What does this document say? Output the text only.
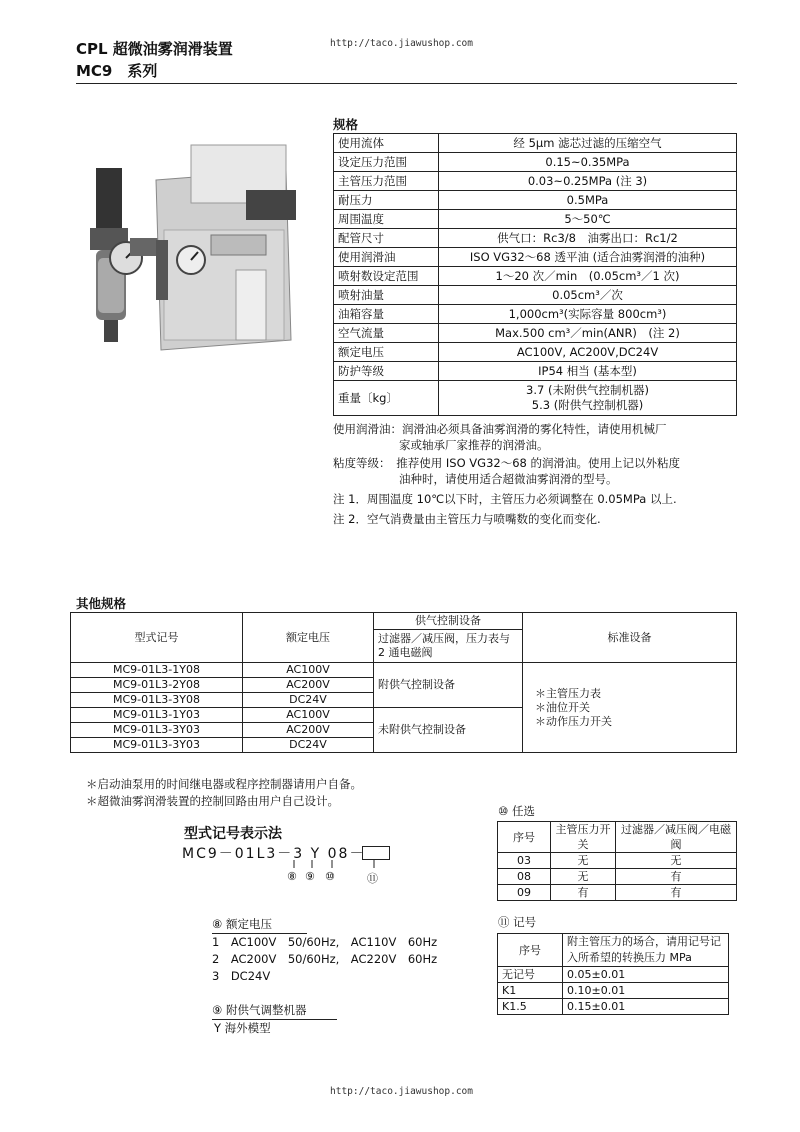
CPL 超微油雾润滑装置
MC9　系列
http://taco.jiawushop.com
规格
使用流体	经 5μm 滤芯过滤的压缩空气
设定压力范围	0.15~0.35MPa
主管压力范围	0.03~0.25MPa (注 3)
耐压力	0.5MPa
周围温度	5～50℃
配管尺寸	供气口：Rc3/8　油雾出口：Rc1/2
使用润滑油	ISO VG32～68 透平油 (适合油雾润滑的油种)
喷射数设定范围	1～20 次／min　(0.05cm³／1 次)
喷射油量	0.05cm³／次
油箱容量	1,000cm³(实际容量 800cm³)
空气流量	Max.500 cm³／min(ANR)　(注 2)
额定电压	AC100V, AC200V,DC24V
防护等级	IP54 相当 (基本型)
重量〔kg〕	3.7 (未附供气控制机器)
5.3 (附供气控制机器)
使用润滑油：润滑油必须具备油雾润滑的雾化特性，请使用机械厂
家或轴承厂家推荐的润滑油。
粘度等级：　推荐使用 ISO VG32～68 的润滑油。使用上记以外粘度
油种时，请使用适合超微油雾润滑的型号。
注 1．周围温度 10℃以下时，主管压力必须调整在 0.05MPa 以上.
注 2．空气消费量由主管压力与喷嘴数的变化而变化.
其他规格
型式记号	额定电压	供气控制设备	标准设备
		过滤器／减压阀，压力表与 2 通电磁阀	
MC9-01L3-1Y08	AC100V	附供气控制设备	＊主管压力表
＊油位开关
＊动作压力开关

MC9-01L3-2Y08	AC200V		
MC9-01L3-3Y08	DC24V		
MC9-01L3-1Y03	AC100V	未附供气控制设备	
MC9-01L3-3Y03	AC200V		
MC9-01L3-3Y03	DC24V		
＊启动油泵用的时间继电器或程序控制器请用户自备。
＊超微油雾润滑装置的控制回路由用户自己设计。
型式记号表示法
MC9－01L3－3 Y 08－
⑧ ⑨ ⑩	⑪
⑧ 额定电压
1　AC100V　50/60Hz,　AC110V　60Hz
2　AC200V　50/60Hz,　AC220V　60Hz
3　DC24V
⑨ 附供气调整机器
Y 海外模型
⑩ 任选
序号	主管压力开关	过滤器／减压阀／电磁阀
03	无	无
08	无	有
09	有	有
⑪ 记号
序号	附主管压力的场合，请用记号记入所希望的转换压力 MPa
无记号	0.05±0.01
K1	0.10±0.01
K1.5	0.15±0.01
http://taco.jiawushop.com
